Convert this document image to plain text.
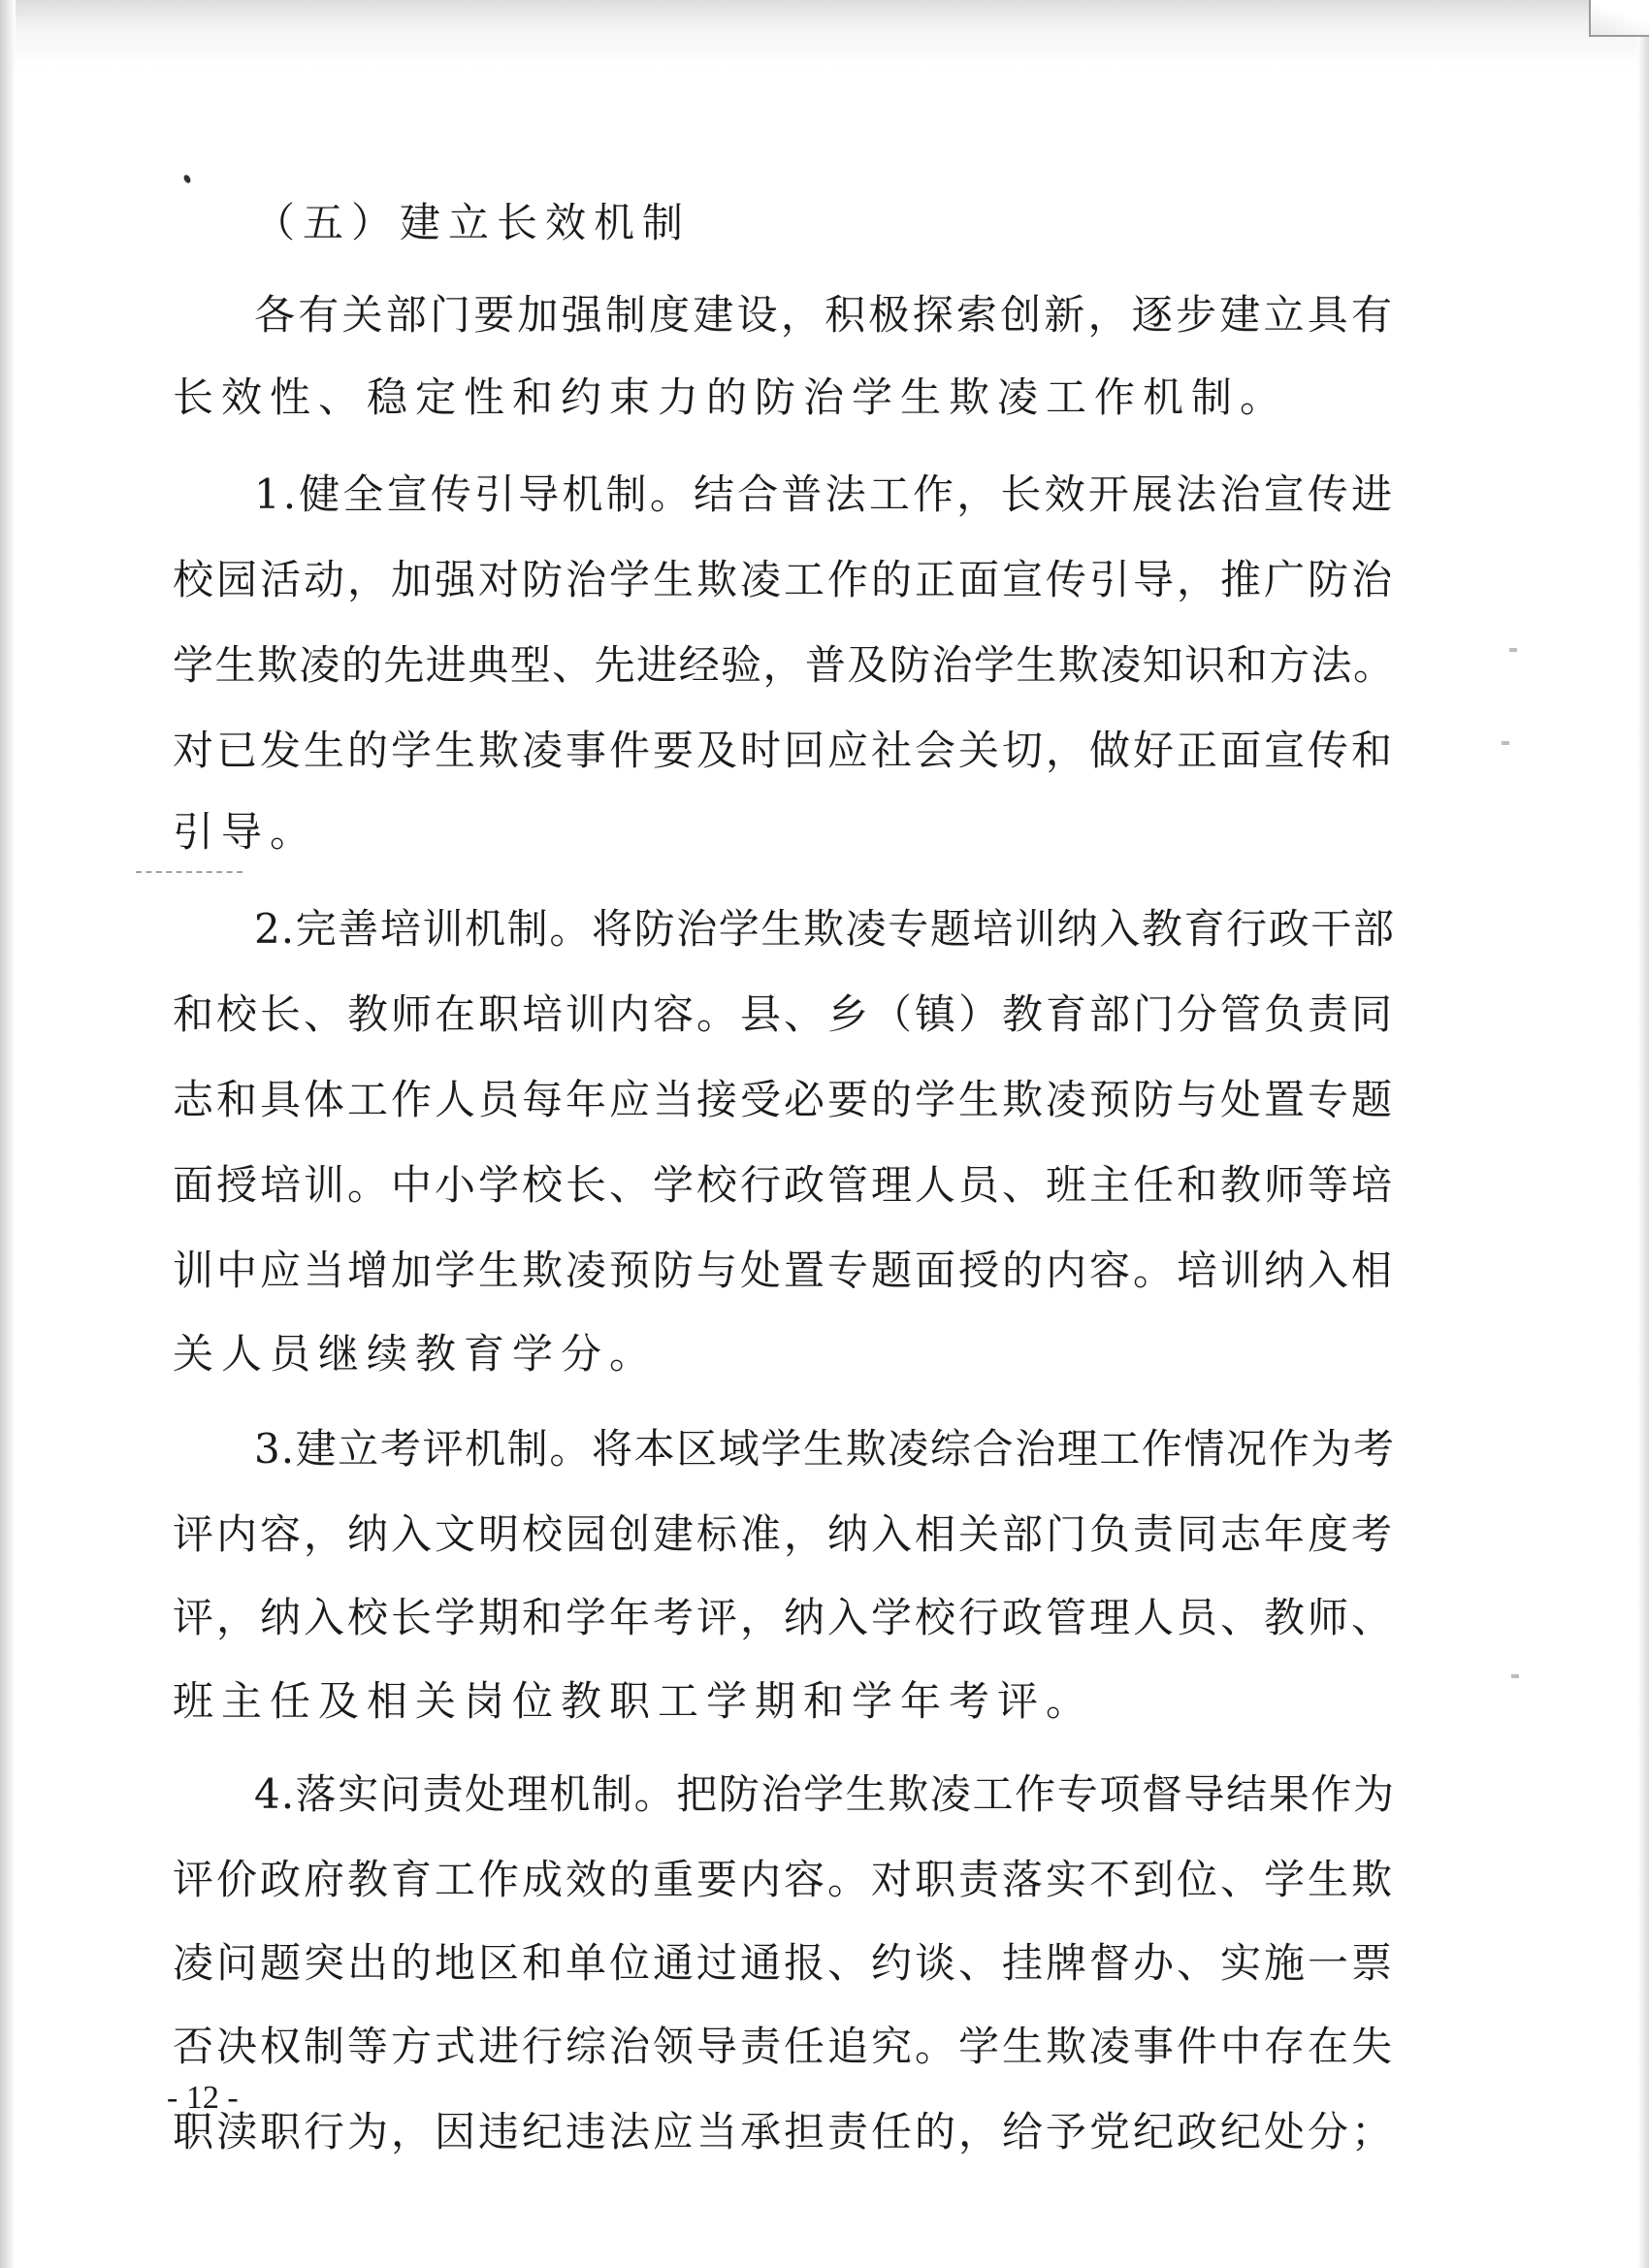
（五）建立长效机制
各有关部门要加强制度建设，积极探索创新，逐步建立具有
长效性、稳定性和约束力的防治学生欺凌工作机制。
1.健全宣传引导机制。结合普法工作，长效开展法治宣传进
校园活动，加强对防治学生欺凌工作的正面宣传引导，推广防治
学生欺凌的先进典型、先进经验，普及防治学生欺凌知识和方法。
对已发生的学生欺凌事件要及时回应社会关切，做好正面宣传和
引导。
2.完善培训机制。将防治学生欺凌专题培训纳入教育行政干部
和校长、教师在职培训内容。县、乡（镇）教育部门分管负责同
志和具体工作人员每年应当接受必要的学生欺凌预防与处置专题
面授培训。中小学校长、学校行政管理人员、班主任和教师等培
训中应当增加学生欺凌预防与处置专题面授的内容。培训纳入相
关人员继续教育学分。
3.建立考评机制。将本区域学生欺凌综合治理工作情况作为考
评内容，纳入文明校园创建标准，纳入相关部门负责同志年度考
评，纳入校长学期和学年考评，纳入学校行政管理人员、教师、
班主任及相关岗位教职工学期和学年考评。
4.落实问责处理机制。把防治学生欺凌工作专项督导结果作为
评价政府教育工作成效的重要内容。对职责落实不到位、学生欺
凌问题突出的地区和单位通过通报、约谈、挂牌督办、实施一票
否决权制等方式进行综治领导责任追究。学生欺凌事件中存在失
职渎职行为，因违纪违法应当承担责任的，给予党纪政纪处分；
- 12 -
